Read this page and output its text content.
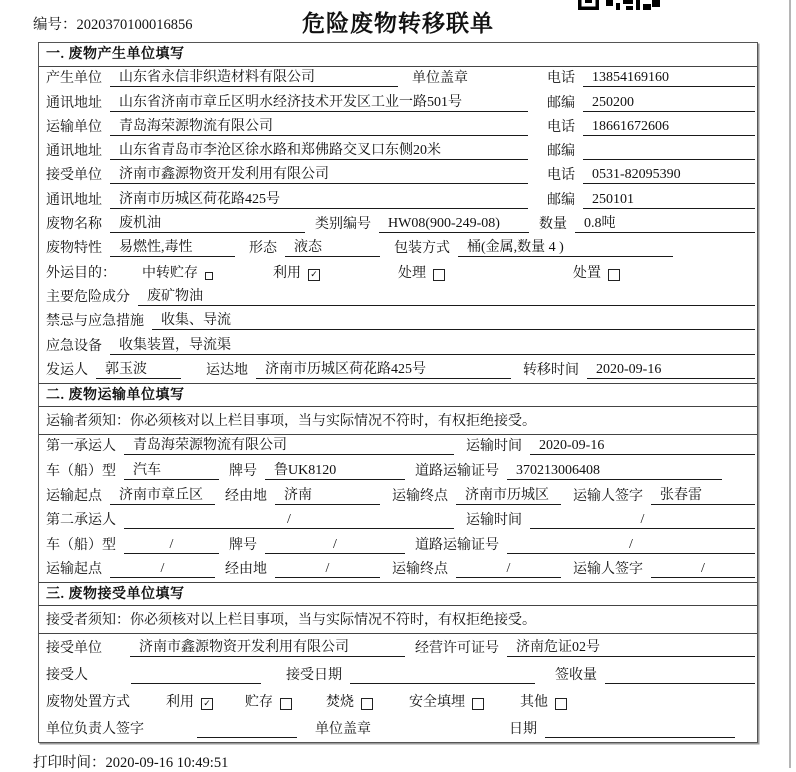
编号：2020370100016856	危险废物转移联单
一. 废物产生单位填写
产生单位	山东省永信非织造材料有限公司	单位盖章	电话	13854169160
通讯地址	山东省济南市章丘区明水经济技术开发区工业一路501号	邮编	250200
运输单位	青岛海荣源物流有限公司	电话	18661672606
通讯地址	山东省青岛市李沧区徐水路和郑佛路交叉口东侧20米	邮编
接受单位	济南市鑫源物资开发利用有限公司	电话	0531-82095390
通讯地址	济南市历城区荷花路425号	邮编	250101
废物名称	废机油	类别编号	HW08(900-249-08)	数量	0.8吨
废物特性	易燃性,毒性	形态	液态	包装方式	桶(金属,数量 4 )
外运目的： 中转贮存	利用 ✓	处理	处置
主要危险成分	废矿物油
禁忌与应急措施	收集、导流
应急设备	收集装置，导流渠
发运人	郭玉波	运达地	济南市历城区荷花路425号	转移时间	2020-09-16
二. 废物运输单位填写
运输者须知：你必须核对以上栏目事项，当与实际情况不符时，有权拒绝接受。
第一承运人	青岛海荣源物流有限公司	运输时间	2020-09-16
车（船）型	汽车	牌号	鲁UK8120	道路运输证号	370213006408
运输起点	济南市章丘区	经由地	济南	运输终点	济南市历城区	运输人签字	张春雷
第二承运人	/	运输时间	/
车（船）型	/	牌号	/	道路运输证号	/
运输起点	/	经由地	/	运输终点	/	运输人签字	/
三. 废物接受单位填写
接受者须知：你必须核对以上栏目事项，当与实际情况不符时，有权拒绝接受。
接受单位	济南市鑫源物资开发利用有限公司	经营许可证号	济南危证02号
接受人	接受日期	签收量
废物处置方式	利用 ✓ 贮存	焚烧	安全填埋	其他
单位负责人签字	单位盖章	日期
打印时间：2020-09-16 10:49:51
